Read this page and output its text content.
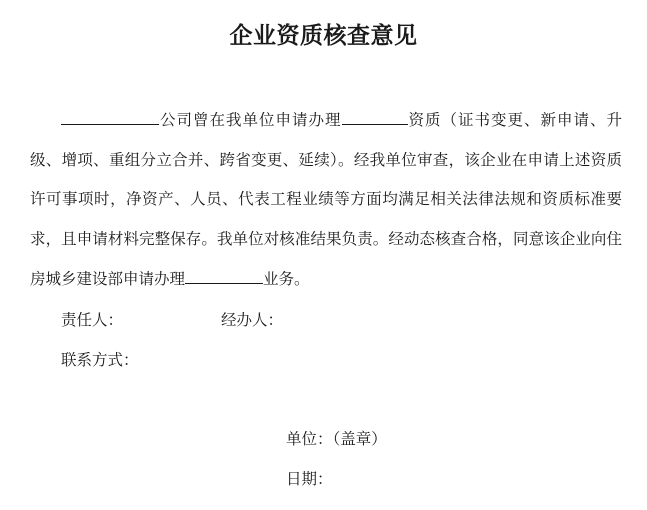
企业资质核查意见
公司曾在我单位申请办理	资质（证书变更、新申请、升级、增项、重组分立合并、跨省变更、延续）。经我单位审查，该企业在申请上述资质许可事项时，净资产、人员、代表工程业绩等方面均满足相关法律法规和资质标准要求，且申请材料完整保存。我单位对核准结果负责。经动态核查合格，同意该企业向住房城乡建设部申请办理	业务。
责任人：	经办人：
联系方式：
单位：（盖章）
日期：
